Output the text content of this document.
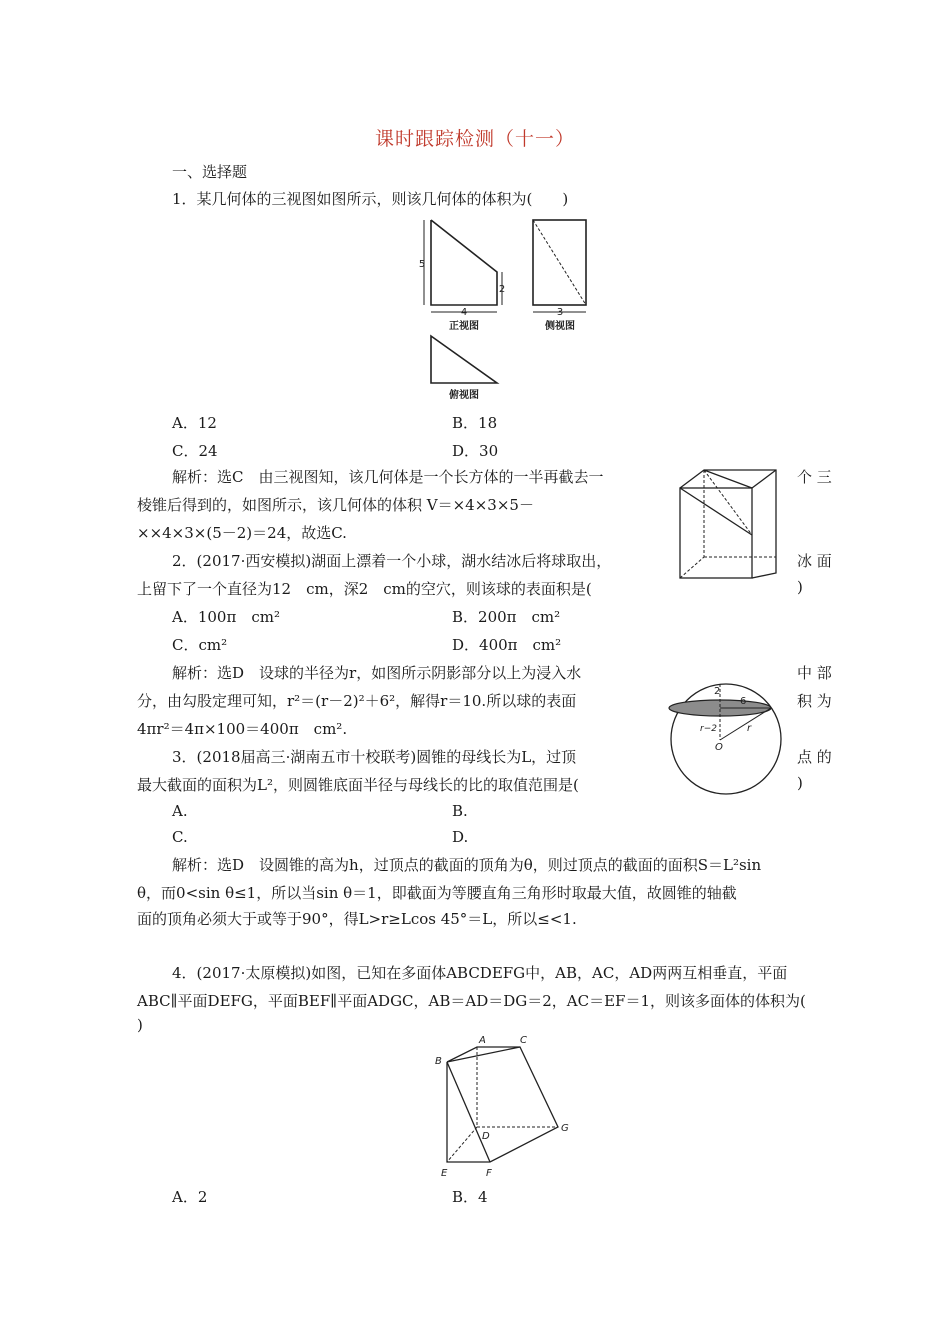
课时跟踪检测（十一）
一、选择题
1．某几何体的三视图如图所示，则该几何体的体积为(　　)
5
2
4
正视图
3
侧视图
俯视图
A．12	B．18
C．24	D．30
解析：选C　由三视图知，该几何体是一个长方体的一半再截去一	个 三
棱锥后得到的，如图所示，该几何体的体积 V＝×4×3×5－
××4×3×(5－2)＝24，故选C.
2．(2017·西安模拟)湖面上漂着一个小球，湖水结冰后将球取出，	冰 面
上留下了一个直径为12　cm，深2　cm的空穴，则该球的表面积是(	)
A．100π　cm²	B．200π　cm²
C．cm²	D．400π　cm²
解析：选D　设球的半径为r，如图所示阴影部分以上为浸入水	中 部
分，由勾股定理可知，r²＝(r－2)²＋6²，解得r＝10.所以球的表面	积 为
4πr²＝4π×100＝400π　cm².
2
6
r−2	r
O
3．(2018届高三·湖南五市十校联考)圆锥的母线长为L，过顶	点 的
最大截面的面积为L²，则圆锥底面半径与母线长的比的取值范围是(	)
A.	B.
C.	D.
解析：选D　设圆锥的高为h，过顶点的截面的顶角为θ，则过顶点的截面的面积S＝L²sin
θ，而0<sin θ≤1，所以当sin θ＝1，即截面为等腰直角三角形时取最大值，故圆锥的轴截
面的顶角必须大于或等于90°，得L>r≥Lcos 45°＝L，所以≤<1.
4．(2017·太原模拟)如图，已知在多面体ABCDEFG中，AB，AC，AD两两互相垂直，平面
ABC∥平面DEFG，平面BEF∥平面ADGC，AB＝AD＝DG＝2，AC＝EF＝1，则该多面体的体积为(
)
A	C
B
D
G
E	F
A．2	B．4
